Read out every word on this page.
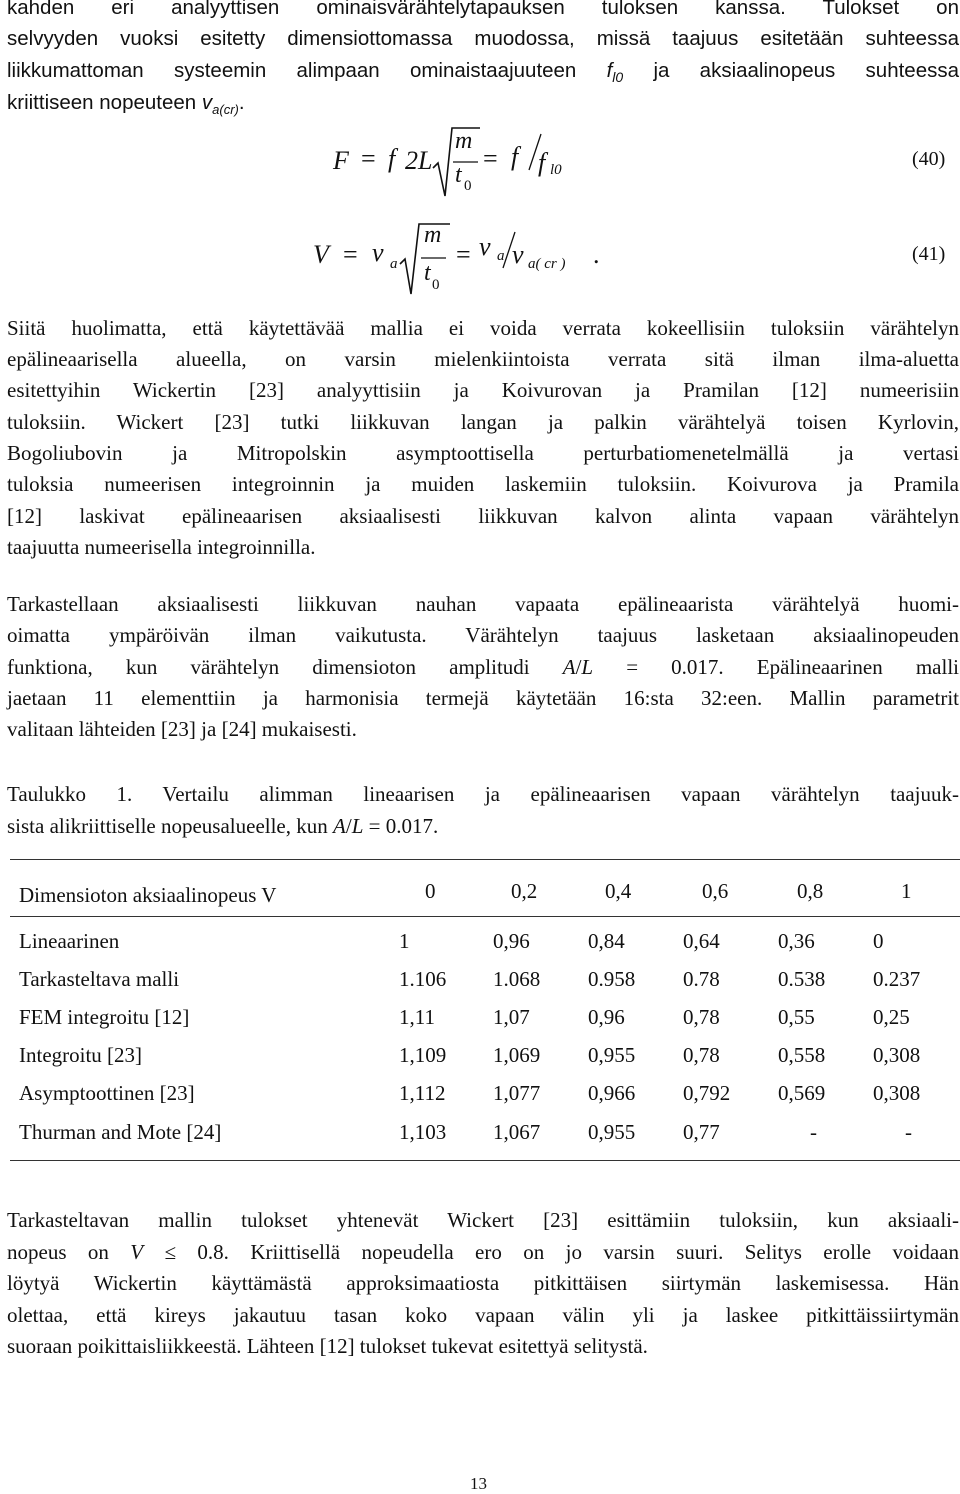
kahden eri analyyttisen ominaisvärähtelytapauksen tuloksen kanssa. Tulokset on
selvyyden vuoksi esitetty dimensiottomassa muodossa, missä taajuus esitetään suhteessa
liikkumattoman systeemin alimpaan ominaistaajuuteen $f_{l0}$ ja aksiaalinopeus suhteessa
kriittiseen nopeuteen $v_{a(cr)}$.
F = f 2L
m
t 0
= f f l0	(40)
V = v a
m
t 0
= v a v a( cr ) .	(41)
Siitä huolimatta, että käytettävää mallia ei voida verrata kokeellisiin tuloksiin värähtelyn
epälineaarisella alueella, on varsin mielenkiintoista verrata sitä ilman ilma-aluetta
esitettyihin Wickertin [23] analyyttisiin ja Koivurovan ja Pramilan [12] numeerisiin
tuloksiin. Wickert [23] tutki liikkuvan langan ja palkin värähtelyä toisen Kyrlovin,
Bogoliubovin ja Mitropolskin asymptoottisella perturbatiomenetelmällä ja vertasi
tuloksia numeerisen integroinnin ja muiden laskemiin tuloksiin. Koivurova ja Pramila
[12] laskivat epälineaarisen aksiaalisesti liikkuvan kalvon alinta vapaan värähtelyn
taajuutta numeerisella integroinnilla.
Tarkastellaan aksiaalisesti liikkuvan nauhan vapaata epälineaarista värähtelyä huomi-
oimatta ympäröivän ilman vaikutusta. Värähtelyn taajuus lasketaan aksiaalinopeuden
funktiona, kun värähtelyn dimensioton amplitudi A/L = 0.017. Epälineaarinen malli
jaetaan 11 elementtiin ja harmonisia termejä käytetään 16:sta 32:een. Mallin parametrit
valitaan lähteiden [23] ja [24] mukaisesti.
Taulukko 1. Vertailu alimman lineaarisen ja epälineaarisen vapaan värähtelyn taajuuk-
sista alikriittiselle nopeusalueelle, kun A/L = 0.017.
Dimensioton aksiaalinopeus V	0	0,2	0,4	0,6	0,8	1
Lineaarinen	1	0,96	0,84	0,64	0,36	0
Tarkasteltava malli	1.106 1.068 0.958 0.78	0.538 0.237
FEM integroitu [12]	1,11	1,07	0,96	0,78	0,55	0,25
Integroitu [23]	1,109 1,069 0,955 0,78	0,558 0,308
Asymptoottinen [23]	1,112 1,077 0,966 0,792 0,569 0,308
Thurman and Mote [24]	1,103 1,067 0,955 0,77	-	-
Tarkasteltavan mallin tulokset yhtenevät Wickert [23] esittämiin tuloksiin, kun aksiaali-
nopeus on V ≤ 0.8. Kriittisellä nopeudella ero on jo varsin suuri. Selitys erolle voidaan
löytyä Wickertin käyttämästä approksimaatiosta pitkittäisen siirtymän laskemisessa. Hän
olettaa, että kireys jakautuu tasan koko vapaan välin yli ja laskee pitkittäissiirtymän
suoraan poikittaisliikkeestä. Lähteen [12] tulokset tukevat esitettyä selitystä.
13
